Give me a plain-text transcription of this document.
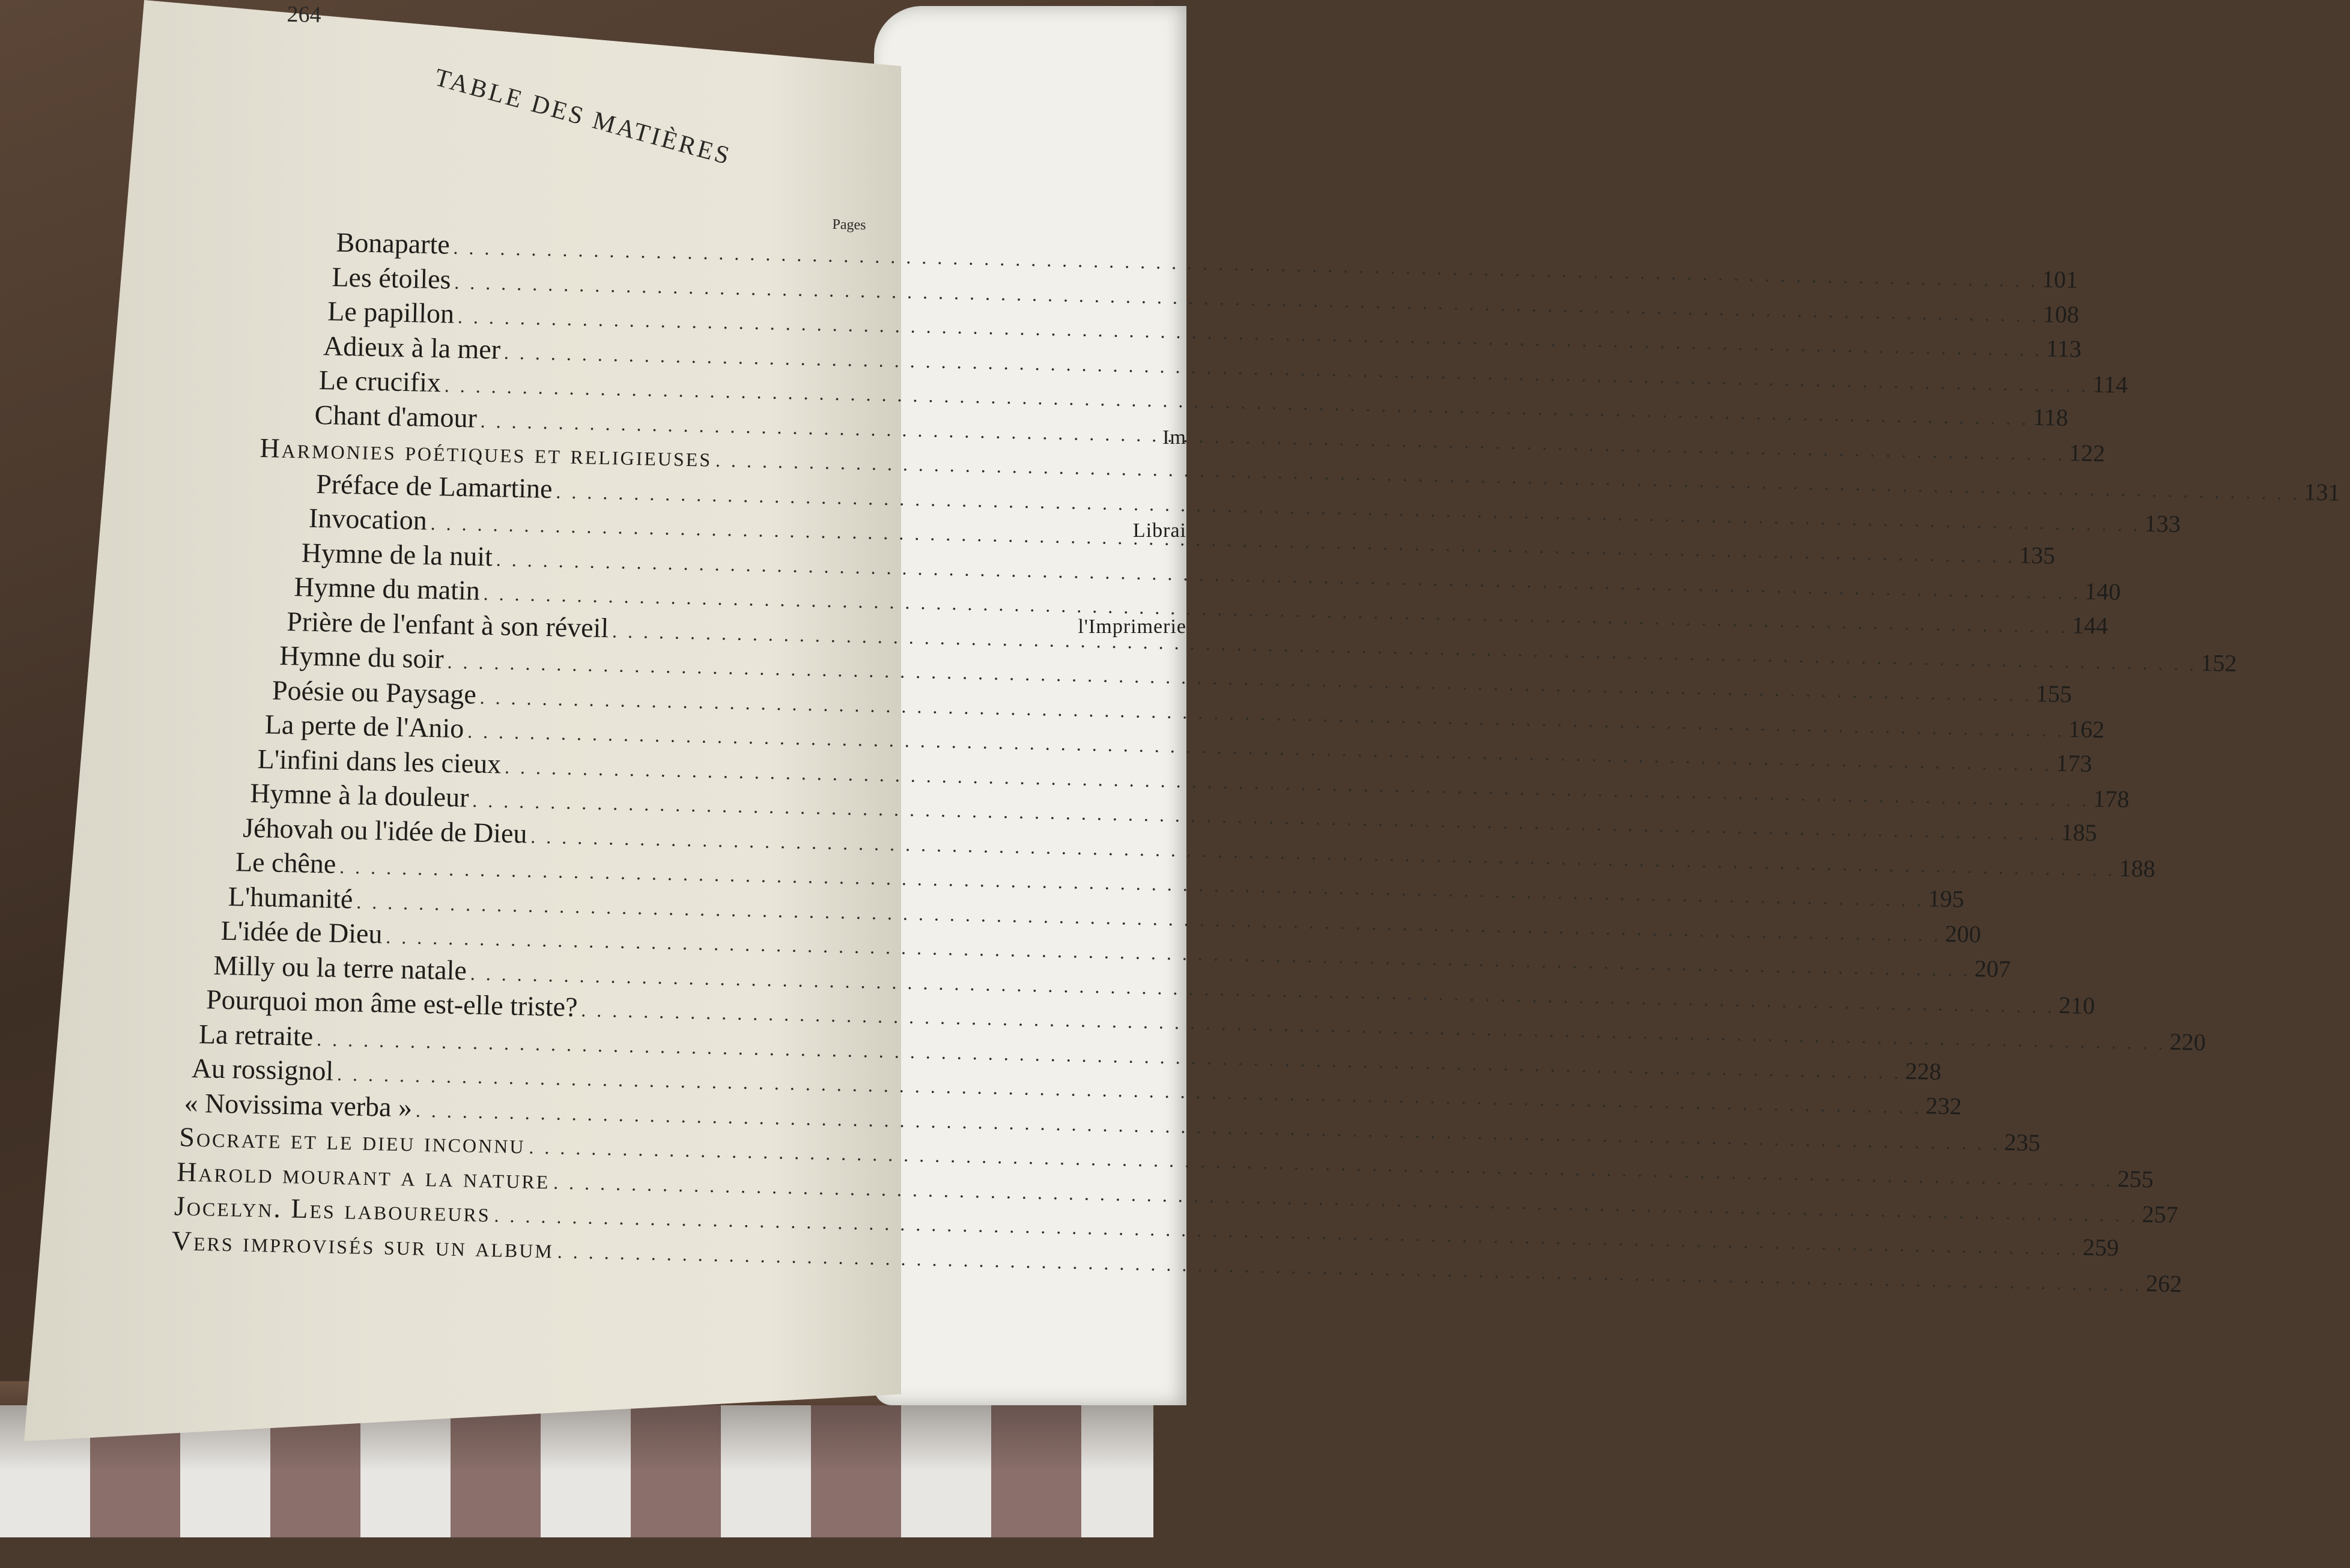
Im
Librai
l'Imprimerie
264
TABLE DES MATIÈRES
Pages
Bonaparte
. . .
101
Les étoiles
. . .
108
Le papillon
. . .
113
Adieux à la mer
. . .
114
Le crucifix
. . .
118
Chant d'amour
. . .
122
Harmonies poétiques et religieuses
. . .
131
Préface de Lamartine
. . .
133
Invocation
. . .
135
Hymne de la nuit
. . .
140
Hymne du matin
. . .
144
Prière de l'enfant à son réveil
. . .
152
Hymne du soir
. . .
155
Poésie ou Paysage
. . .
162
La perte de l'Anio
. . .
173
L'infini dans les cieux
. . .
178
Hymne à la douleur
. . .
185
Jéhovah ou l'idée de Dieu
. . .
188
Le chêne
. . .
195
L'humanité
. . .
200
L'idée de Dieu
. . .
207
Milly ou la terre natale
. . .
210
Pourquoi mon âme est-elle triste?
. . .
220
La retraite
. . .
228
Au rossignol
. . .
232
« Novissima verba »
. . .
235
Socrate et le dieu inconnu
. . .
255
Harold mourant a la nature
. . .
257
Jocelyn. Les laboureurs
. . .
259
Vers improvisés sur un album
. . .
262
